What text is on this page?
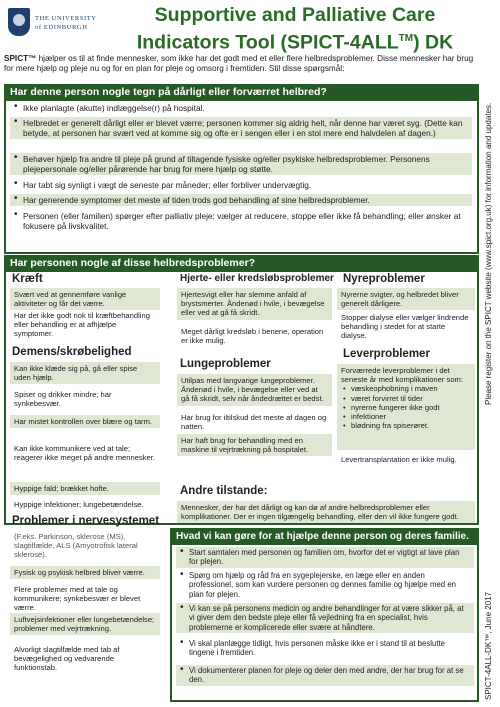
THE UNIVERSITY
of EDINBURGH
Supportive and Palliative Care
Indicators Tool (SPICT-4ALL™) DK
SPICT™ hjælper os til at finde mennesker, som ikke har det godt med et eller flere helbredsproblemer. Disse mennesker har brug for mere hjælp og pleje nu og for en plan for pleje og omsorg i fremtiden. Stil disse spørgsmål:
Har denne person nogle tegn på dårligt eller forværret helbred?
• Ikke planlagte (akutte) indlæggelse(r) på hospital.
• Helbredet er generelt dårligt eller er blevet værre; personen kommer sig aldrig helt, når denne har været syg. (Dette kan betyde, at personen har svært ved at komme sig og ofte er i sengen eller i en stol mere end halvdelen af dagen.)
• Behøver hjælp fra andre til pleje på grund af tiltagende fysiske og/eller psykiske helbredsproblemer. Personens plejepersonale og/eller pårørende har brug for mere hjælp og støtte.
• Har tabt sig synligt i vægt de seneste par måneder; eller forbliver undervægtig.
• Har generende symptomer det meste af tiden trods god behandling af sine helbredsproblemer.
• Personen (eller familien) spørger efter palliativ pleje; vælger at reducere, stoppe eller ikke få behandling; eller ønsker at fokusere på livskvalitet.
Har personen nogle af disse helbredsproblemer?
Kræft
Svært ved at gennemføre vanlige aktiviteter og får det værre.
Har det ikke godt nok til kræftbehandling eller behandling er at afhjælpe symptomer.
Demens/skrøbelighed
Kan ikke klæde sig på, gå eller spise uden hjælp.
Spiser og drikker mindre; har synkebesvær.
Har mistet kontrollen over blære og tarm.
Kan ikke kommunikere ved at tale; reagerer ikke meget på andre mennesker.
Hyppige fald; brækket hofte.
Hyppige infektioner; lungebetændelse.
Hjerte- eller kredsløbsproblemer
Hjertesvigt eller har slemme anfald af brystsmerter. Åndenød i hvile, i bevægelse eller ved at gå få skridt.
Meget dårligt kredsløb i benene, operation er ikke mulig.
Lungeproblemer
Utilpas med langvarige lungeproblemer. Åndenød i hvile, i bevægelse eller ved at gå få skridt, selv når åndedrættet er bedst.
Har brug for iltilskud det meste af dagen og natten.
Har haft brug for behandling med en maskine til vejrtrækning på hospitalet.
Nyreproblemer
Nyrerne svigter, og helbredet bliver generelt dårligere.
Stopper dialyse eller vælger lindrende behandling i stedet for at starte dialyse.
Leverproblemer
Forværrede leverproblemer i det seneste år med komplikationer som:
• væskeophobning i maven
• været forvirret til tider
• nyrerne fungerer ikke godt
• infektioner
• blødning fra spiserøret.
Levertransplantation er ikke mulig.
Andre tilstande:
Mennesker, der har det dårligt og kan dø af andre helbredsproblemer eller komplikationer. Der er ingen tilgængelig behandling, eller den vil ikke fungere godt.
Problemer i nervesystemet
(F.eks. Parkinson, sklerose (MS), slagtilfælde, ALS (Amyotrofisk lateral sklerose).
Fysisk og psykisk helbred bliver værre.
Flere problemer med at tale og kommunikere; synkebesvær er blevet værre.
Luftvejsinfektioner eller lungebetændelse; problemer med vejrtrækning.
Alvorligt slagtilfælde med tab af bevægelighed og vedvarende funktionstab.
Hvad vi kan gøre for at hjælpe denne person og deres familie.
• Start samtalen med personen og familien om, hvorfor det er vigtigt at lave plan for plejen.
• Spørg om hjælp og råd fra en sygeplejerske, en læge eller en anden professionel, som kan vurdere personen og dennes familie og hjælpe med en plan for plejen.
• Vi kan se på personens medicin og andre behandlinger for at være sikker på, at vi giver dem den bedste pleje eller få vejledning fra en specialist, hvis problemerne er komplicerede eller svære at håndtere.
• Vi skal planlægge tidligt, hvis personen måske ikke er i stand til at beslutte tingene i fremtiden.
• Vi dokumenterer planen for pleje og deler den med andre, der har brug for at se den.
Please register on the SPICT website (www.spict.org.uk) for information and updates.
SPICT-4ALL-DK™, June 2017
